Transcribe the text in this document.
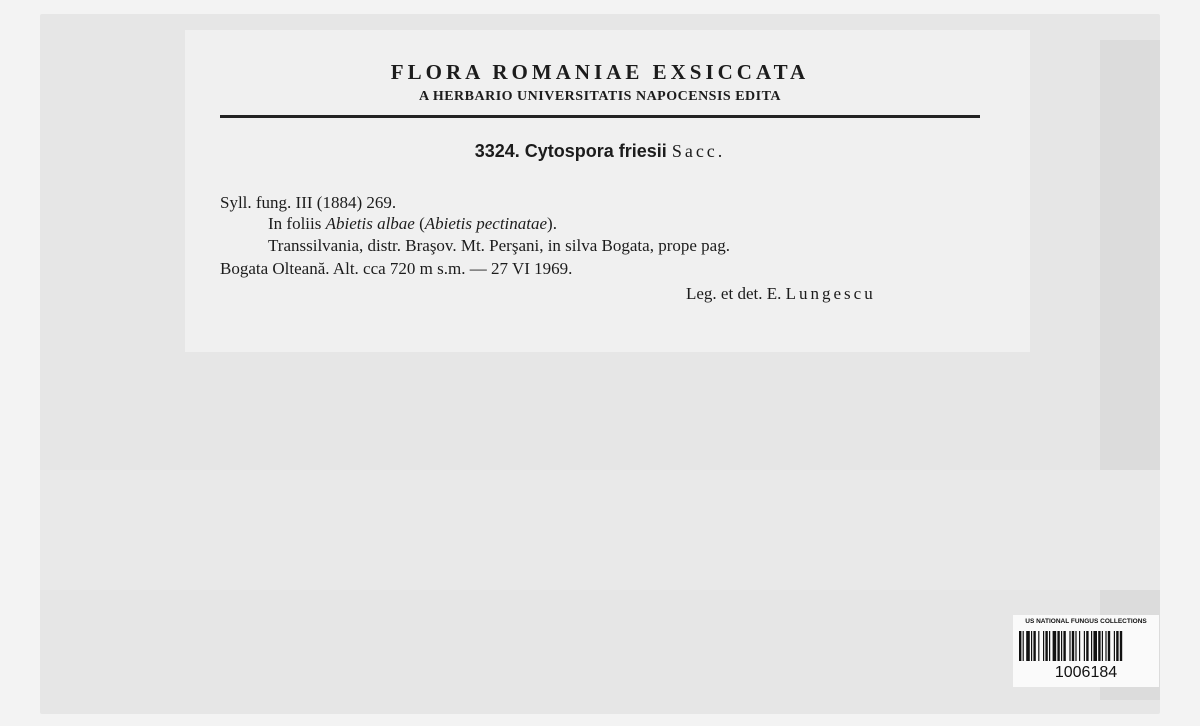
FLORA ROMANIAE EXSICCATA
A HERBARIO UNIVERSITATIS NAPOCENSIS EDITA
3324. Cytospora friesii Sacc.
Syll. fung. III (1884) 269.
In foliis Abietis albae (Abietis pectinatae).
Transsilvania, distr. Braşov. Mt. Perşani, in silva Bogata, prope pag.
Bogata Olteană. Alt. cca 720 m s.m. — 27 VI 1969.
Leg. et det. E. Lungescu
US NATIONAL FUNGUS COLLECTIONS
1006184
